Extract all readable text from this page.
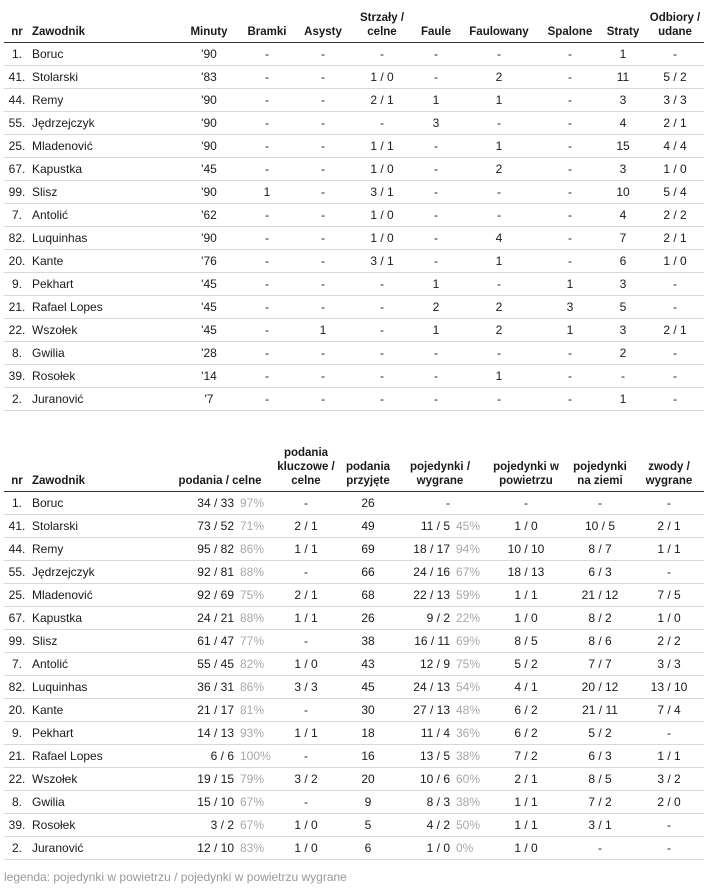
nr	Zawodnik	Minuty	Bramki	Asysty	Strzały / celne	Faule	Faulowany	Spalone	Straty	Odbiory / udane
1.	Boruc	'90	-	-	-	-	-	-	1	-
41.	Stolarski	'83	-	-	1 / 0	-	2	-	11	5 / 2
44.	Remy	'90	-	-	2 / 1	1	1	-	3	3 / 3
55.	Jędrzejczyk	'90	-	-	-	3	-	-	4	2 / 1
25.	Mladenović	'90	-	-	1 / 1	-	1	-	15	4 / 4
67.	Kapustka	'45	-	-	1 / 0	-	2	-	3	1 / 0
99.	Slisz	'90	1	-	3 / 1	-	-	-	10	5 / 4
7.	Antolić	'62	-	-	1 / 0	-	-	-	4	2 / 2
82.	Luquinhas	'90	-	-	1 / 0	-	4	-	7	2 / 1
20.	Kante	'76	-	-	3 / 1	-	1	-	6	1 / 0
9.	Pekhart	'45	-	-	-	1	-	1	3	-
21.	Rafael Lopes	'45	-	-	-	2	2	3	5	-
22.	Wszołek	'45	-	1	-	1	2	1	3	2 / 1
8.	Gwilia	'28	-	-	-	-	-	-	2	-
39.	Rosołek	'14	-	-	-	-	1	-	-	-
2.	Juranović	'7	-	-	-	-	-	-	1	-
nr	Zawodnik	podania / celne	podania kluczowe / celne	podania przyjęte	pojedynki / wygrane	pojedynki w powietrzu	pojedynki na ziemi	zwody / wygrane
1.	Boruc	34 / 33 97%	-	26	-	-	-	-
41.	Stolarski	73 / 52 71%	2 / 1	49	11 / 5 45%	1 / 0	10 / 5	2 / 1
44.	Remy	95 / 82 86%	1 / 1	69	18 / 17 94%	10 / 10	8 / 7	1 / 1
55.	Jędrzejczyk	92 / 81 88%	-	66	24 / 16 67%	18 / 13	6 / 3	-
25.	Mladenović	92 / 69 75%	2 / 1	68	22 / 13 59%	1 / 1	21 / 12	7 / 5
67.	Kapustka	24 / 21 88%	1 / 1	26	9 / 2 22%	1 / 0	8 / 2	1 / 0
99.	Slisz	61 / 47 77%	-	38	16 / 11 69%	8 / 5	8 / 6	2 / 2
7.	Antolić	55 / 45 82%	1 / 0	43	12 / 9 75%	5 / 2	7 / 7	3 / 3
82.	Luquinhas	36 / 31 86%	3 / 3	45	24 / 13 54%	4 / 1	20 / 12	13 / 10
20.	Kante	21 / 17 81%	-	30	27 / 13 48%	6 / 2	21 / 11	7 / 4
9.	Pekhart	14 / 13 93%	1 / 1	18	11 / 4 36%	6 / 2	5 / 2	-
21.	Rafael Lopes	6 / 6 100%	-	16	13 / 5 38%	7 / 2	6 / 3	1 / 1
22.	Wszołek	19 / 15 79%	3 / 2	20	10 / 6 60%	2 / 1	8 / 5	3 / 2
8.	Gwilia	15 / 10 67%	-	9	8 / 3 38%	1 / 1	7 / 2	2 / 0
39.	Rosołek	3 / 2 67%	1 / 0	5	4 / 2 50%	1 / 1	3 / 1	-
2.	Juranović	12 / 10 83%	1 / 0	6	1 / 0 0%	1 / 0	-	-
legenda: pojedynki w powietrzu / pojedynki w powietrzu wygrane
